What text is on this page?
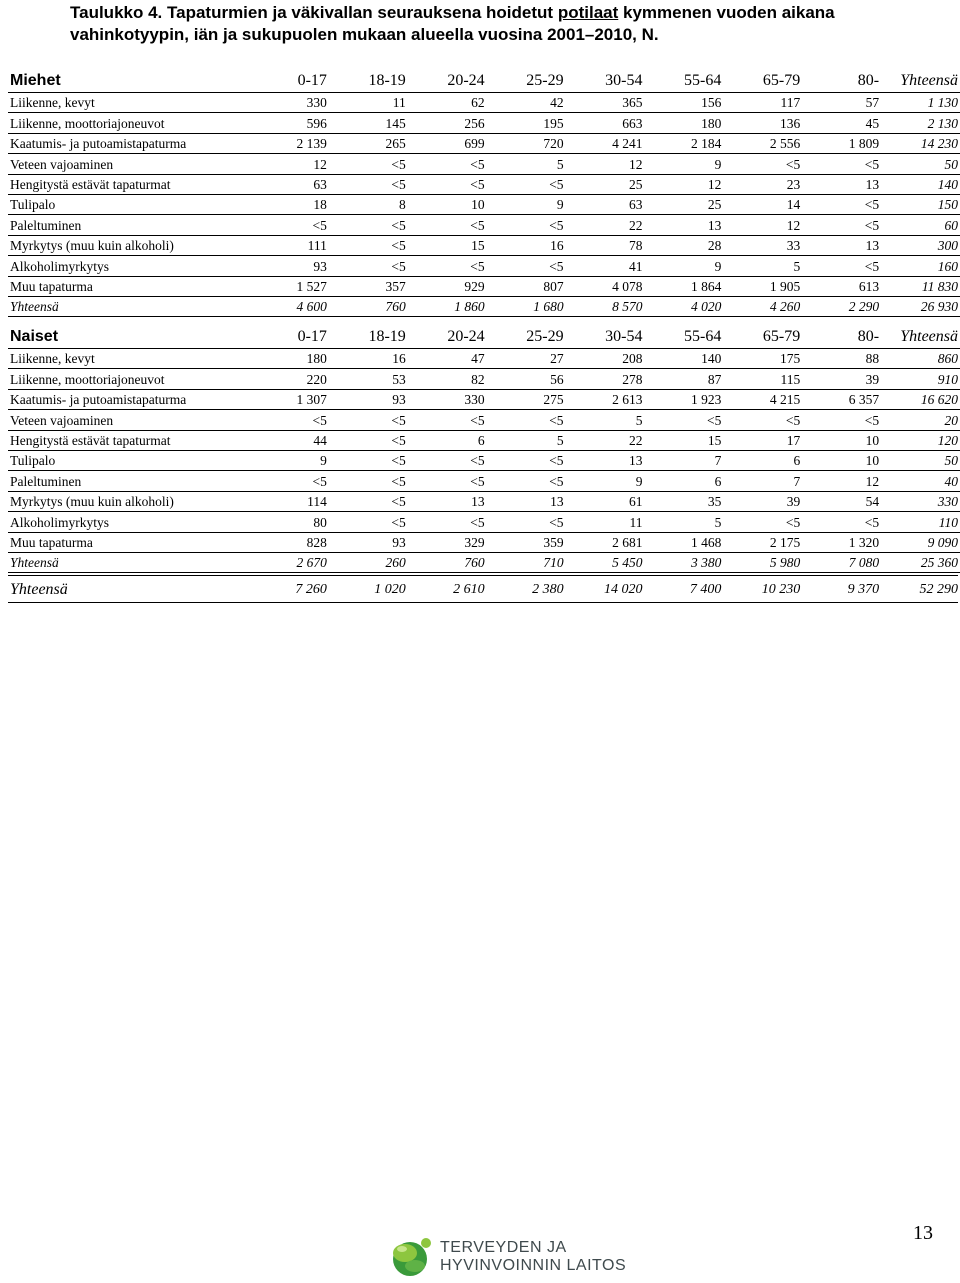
Taulukko 4. Tapaturmien ja väkivallan seurauksena hoidetut potilaat kymmenen vuoden aikana vahinkotyypin, iän ja sukupuolen mukaan alueella vuosina 2001–2010, N.
Miehet	0-17	18-19	20-24	25-29	30-54	55-64	65-79	80-	Yhteensä
Liikenne, kevyt	330	11	62	42	365	156	117	57	1 130
Liikenne, moottoriajoneuvot	596	145	256	195	663	180	136	45	2 130
Kaatumis- ja putoamistapaturma	2 139	265	699	720	4 241	2 184	2 556	1 809	14 230
Veteen vajoaminen	12	<5	<5	5	12	9	<5	<5	50
Hengitystä estävät tapaturmat	63	<5	<5	<5	25	12	23	13	140
Tulipalo	18	8	10	9	63	25	14	<5	150
Paleltuminen	<5	<5	<5	<5	22	13	12	<5	60
Myrkytys (muu kuin alkoholi)	111	<5	15	16	78	28	33	13	300
Alkoholimyrkytys	93	<5	<5	<5	41	9	5	<5	160
Muu tapaturma	1 527	357	929	807	4 078	1 864	1 905	613	11 830
Yhteensä	4 600	760	1 860	1 680	8 570	4 020	4 260	2 290	26 930
Naiset	0-17	18-19	20-24	25-29	30-54	55-64	65-79	80-	Yhteensä
Liikenne, kevyt	180	16	47	27	208	140	175	88	860
Liikenne, moottoriajoneuvot	220	53	82	56	278	87	115	39	910
Kaatumis- ja putoamistapaturma	1 307	93	330	275	2 613	1 923	4 215	6 357	16 620
Veteen vajoaminen	<5	<5	<5	<5	5	<5	<5	<5	20
Hengitystä estävät tapaturmat	44	<5	6	5	22	15	17	10	120
Tulipalo	9	<5	<5	<5	13	7	6	10	50
Paleltuminen	<5	<5	<5	<5	9	6	7	12	40
Myrkytys (muu kuin alkoholi)	114	<5	13	13	61	35	39	54	330
Alkoholimyrkytys	80	<5	<5	<5	11	5	<5	<5	110
Muu tapaturma	828	93	329	359	2 681	1 468	2 175	1 320	9 090
Yhteensä	2 670	260	760	710	5 450	3 380	5 980	7 080	25 360
Yhteensä	7 260	1 020	2 610	2 380	14 020	7 400	10 230	9 370	52 290
13
TERVEYDEN JA
HYVINVOINNIN LAITOS
